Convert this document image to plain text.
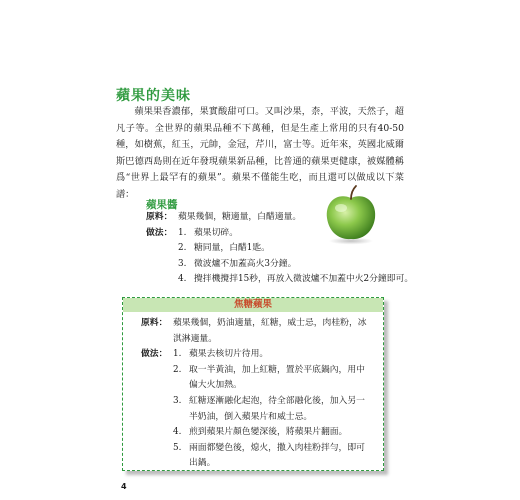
蘋果的美味

蘋果果香濃郁，果實酸甜可口。又叫沙果，柰，平波，天然子，超凡子等。全世界的蘋果品種不下萬種，但是生產上常用的只有40-50種，如樹蕉，紅玉，元帥，金冠，芹川，富士等。近年來，英國北威爾斯巴德西島則在近年發現蘋果新品種，比普通的蘋果更健康，被媒體稱爲“世界上最罕有的蘋果”。蘋果不僅能生吃，而且還可以做成以下菜譜：

蘋果醬
原料： 蘋果幾個，糖適量，白醋適量。
做法： 1. 蘋果切碎。
2. 糖同量，白醋1匙。
3. 微波爐不加蓋高火3分鐘。
4. 攪拌機攪拌15秒，再放入微波爐不加蓋中火2分鐘即可。
焦糖蘋果
原料： 蘋果幾個，奶油適量，紅糖，威士忌，肉桂粉，冰淇淋適量。
做法： 1. 蘋果去核切片待用。
2. 取一半黃油，加上紅糖，置於平底鍋內，用中偏大火加熱。
3. 紅糖逐漸融化起泡，待全部融化後，加入另一半奶油，倒入蘋果片和威士忌。
4. 煎到蘋果片顏色變深後，將蘋果片翻面。
5. 兩面都變色後，熄火，撒入肉桂粉拌勻，即可出鍋。
4
